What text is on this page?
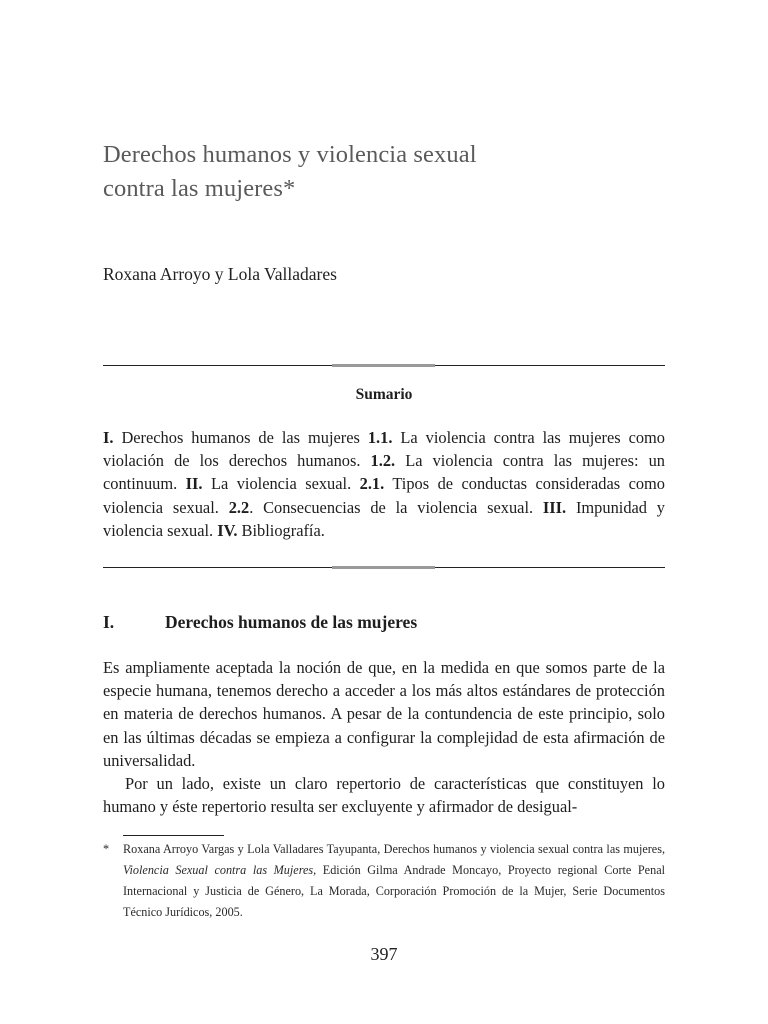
Derechos humanos y violencia sexual
contra las mujeres*

Roxana Arroyo y Lola Valladares

Sumario

I. Derechos humanos de las mujeres 1.1. La violencia contra las mujeres como violación de los derechos humanos. 1.2. La violencia contra las mujeres: un continuum. II. La violencia sexual. 2.1. Tipos de conductas consideradas como violencia sexual. 2.2. Consecuencias de la violencia sexual. III. Impunidad y violencia sexual. IV. Bibliografía.

I.	Derechos humanos de las mujeres

Es ampliamente aceptada la noción de que, en la medida en que somos parte de la especie humana, tenemos derecho a acceder a los más altos estándares de protección en materia de derechos humanos. A pesar de la contundencia de este principio, solo en las últimas décadas se empieza a configurar la complejidad de esta afirmación de universalidad.

Por un lado, existe un claro repertorio de características que constituyen lo humano y éste repertorio resulta ser excluyente y afirmador de desigual-

* Roxana Arroyo Vargas y Lola Valladares Tayupanta, Derechos humanos y violencia sexual contra las mujeres, Violencia Sexual contra las Mujeres, Edición Gilma Andrade Moncayo, Proyecto regional Corte Penal Internacional y Justicia de Género, La Morada, Corporación Promoción de la Mujer, Serie Documentos Técnico Jurídicos, 2005.

397
